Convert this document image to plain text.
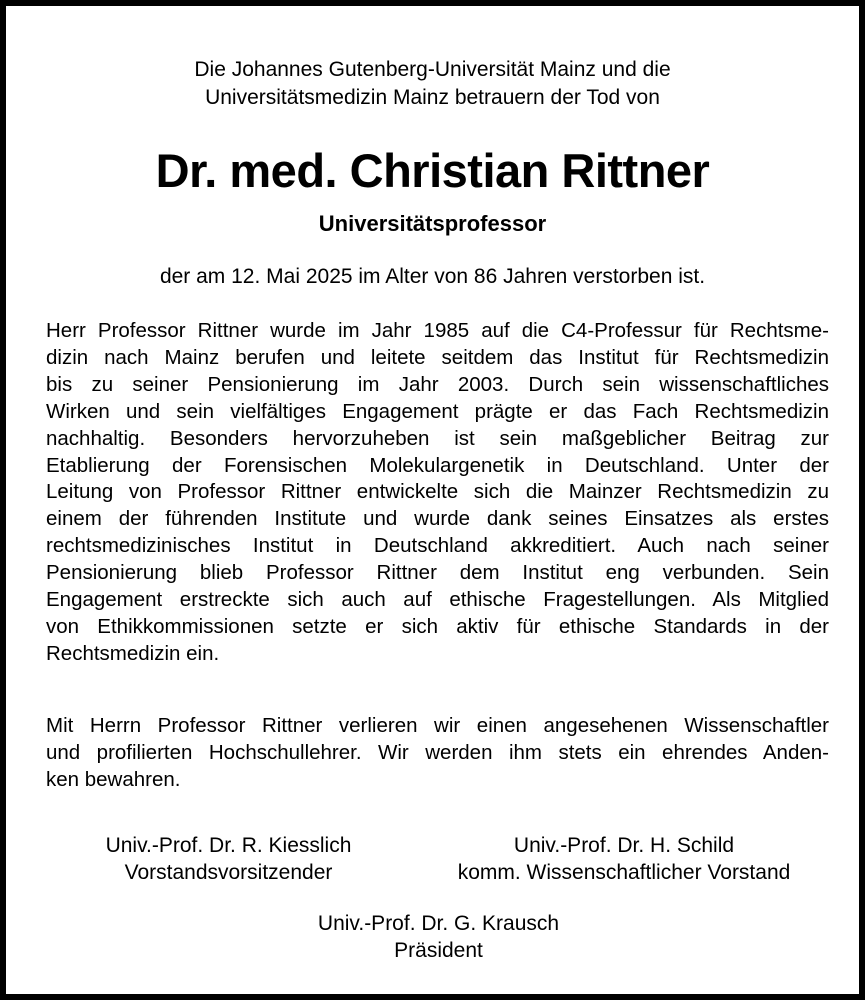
Die Johannes Gutenberg-Universität Mainz und die
Universitätsmedizin Mainz betrauern der Tod von
Dr. med. Christian Rittner
Universitätsprofessor
der am 12. Mai 2025 im Alter von 86 Jahren verstorben ist.
Herr Professor Rittner wurde im Jahr 1985 auf die C4-Professur für Rechtsme-
dizin nach Mainz berufen und leitete seitdem das Institut für Rechtsmedizin
bis zu seiner Pensionierung im Jahr 2003. Durch sein wissenschaftliches
Wirken und sein vielfältiges Engagement prägte er das Fach Rechtsmedizin
nachhaltig. Besonders hervorzuheben ist sein maßgeblicher Beitrag zur
Etablierung der Forensischen Molekulargenetik in Deutschland. Unter der
Leitung von Professor Rittner entwickelte sich die Mainzer Rechtsmedizin zu
einem der führenden Institute und wurde dank seines Einsatzes als erstes
rechtsmedizinisches Institut in Deutschland akkreditiert. Auch nach seiner
Pensionierung blieb Professor Rittner dem Institut eng verbunden. Sein
Engagement erstreckte sich auch auf ethische Fragestellungen. Als Mitglied
von Ethikkommissionen setzte er sich aktiv für ethische Standards in der
Rechtsmedizin ein.
Mit Herrn Professor Rittner verlieren wir einen angesehenen Wissenschaftler
und profilierten Hochschullehrer. Wir werden ihm stets ein ehrendes Anden-
ken bewahren.
Univ.-Prof. Dr. R. Kiesslich
Vorstandsvorsitzender
Univ.-Prof. Dr. H. Schild
komm. Wissenschaftlicher Vorstand
Univ.-Prof. Dr. G. Krausch
Präsident
